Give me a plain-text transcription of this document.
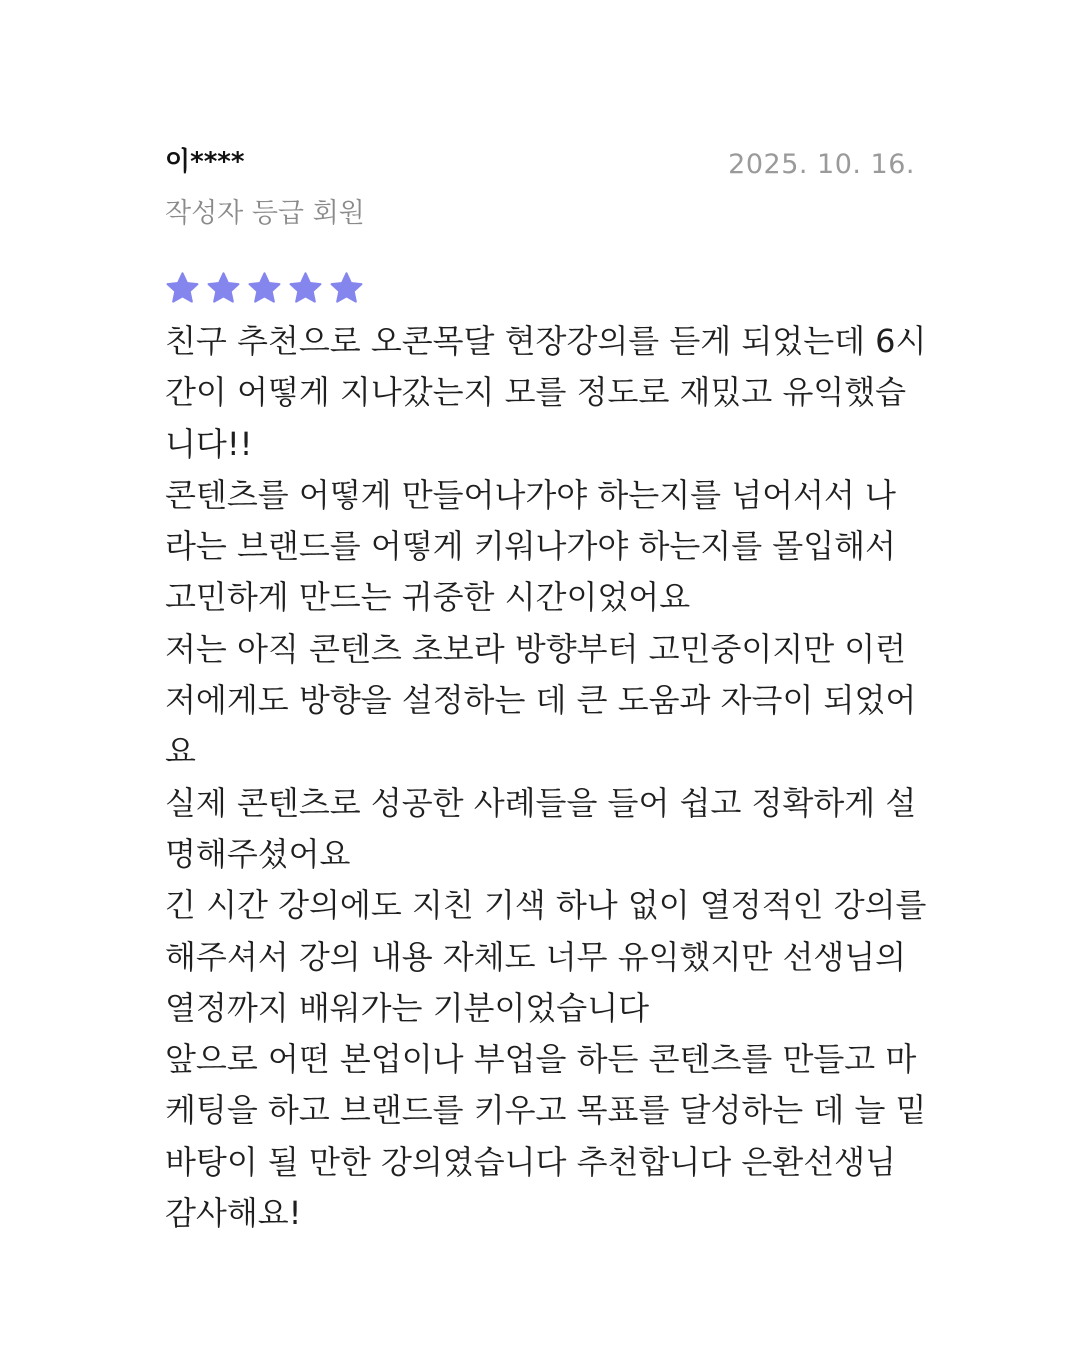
이****	2025. 10. 16.
작성자 등급 회원
친구 추천으로 오콘목달 현장강의를 듣게 되었는데 6시
간이 어떻게 지나갔는지 모를 정도로 재밌고 유익했습
니다!!
콘텐츠를 어떻게 만들어나가야 하는지를 넘어서서 나
라는 브랜드를 어떻게 키워나가야 하는지를 몰입해서
고민하게 만드는 귀중한 시간이었어요
저는 아직 콘텐츠 초보라 방향부터 고민중이지만 이런
저에게도 방향을 설정하는 데 큰 도움과 자극이 되었어
요
실제 콘텐츠로 성공한 사례들을 들어 쉽고 정확하게 설
명해주셨어요
긴 시간 강의에도 지친 기색 하나 없이 열정적인 강의를
해주셔서 강의 내용 자체도 너무 유익했지만 선생님의
열정까지 배워가는 기분이었습니다
앞으로 어떤 본업이나 부업을 하든 콘텐츠를 만들고 마
케팅을 하고 브랜드를 키우고 목표를 달성하는 데 늘 밑
바탕이 될 만한 강의였습니다 추천합니다 은환선생님
감사해요!
